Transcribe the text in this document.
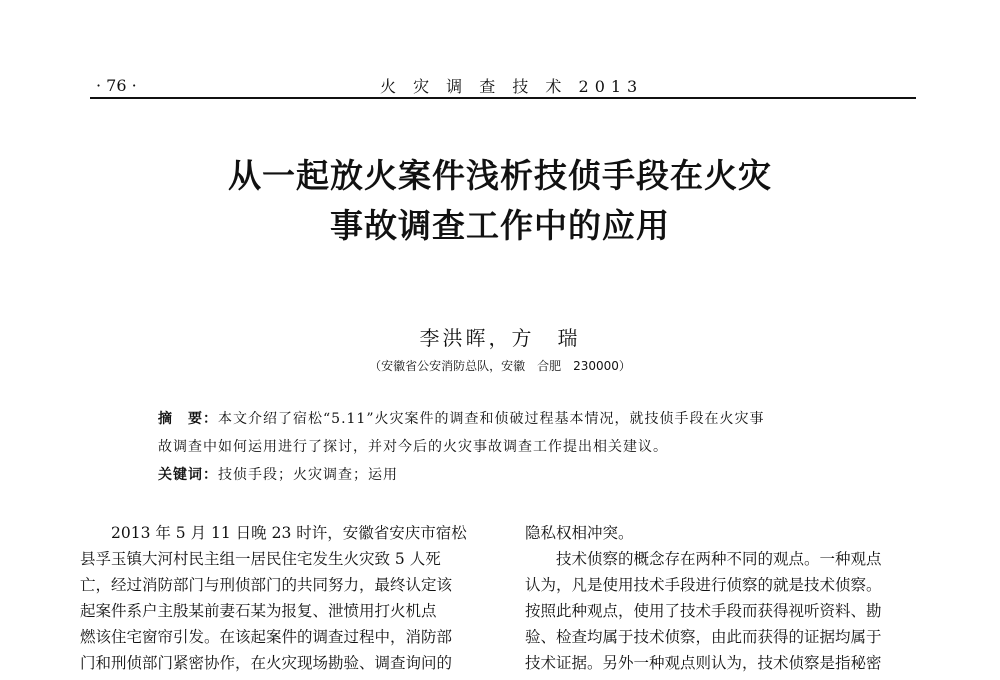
· 76 ·	火 灾 调 查 技 术 2013
从一起放火案件浅析技侦手段在火灾
事故调查工作中的应用
李洪晖，方　瑞
（安徽省公安消防总队，安徽　合肥　230000）
摘　要：本文介绍了宿松“5.11”火灾案件的调查和侦破过程基本情况，就技侦手段在火灾事
故调查中如何运用进行了探讨，并对今后的火灾事故调查工作提出相关建议。
关键词：技侦手段；火灾调查；运用

　　2013 年 5 月 11 日晚 23 时许，安徽省安庆市宿松

县孚玉镇大河村民主组一居民住宅发生火灾致 5 人死

亡，经过消防部门与刑侦部门的共同努力，最终认定该

起案件系户主殷某前妻石某为报复、泄愤用打火机点

燃该住宅窗帘引发。在该起案件的调查过程中，消防部

门和刑侦部门紧密协作，在火灾现场勘验、调查询问的

隐私权相冲突。

　　技术侦察的概念存在两种不同的观点。一种观点

认为，凡是使用技术手段进行侦察的就是技术侦察。

按照此种观点，使用了技术手段而获得视听资料、勘

验、检查均属于技术侦察，由此而获得的证据均属于

技术证据。另外一种观点则认为，技术侦察是指秘密
